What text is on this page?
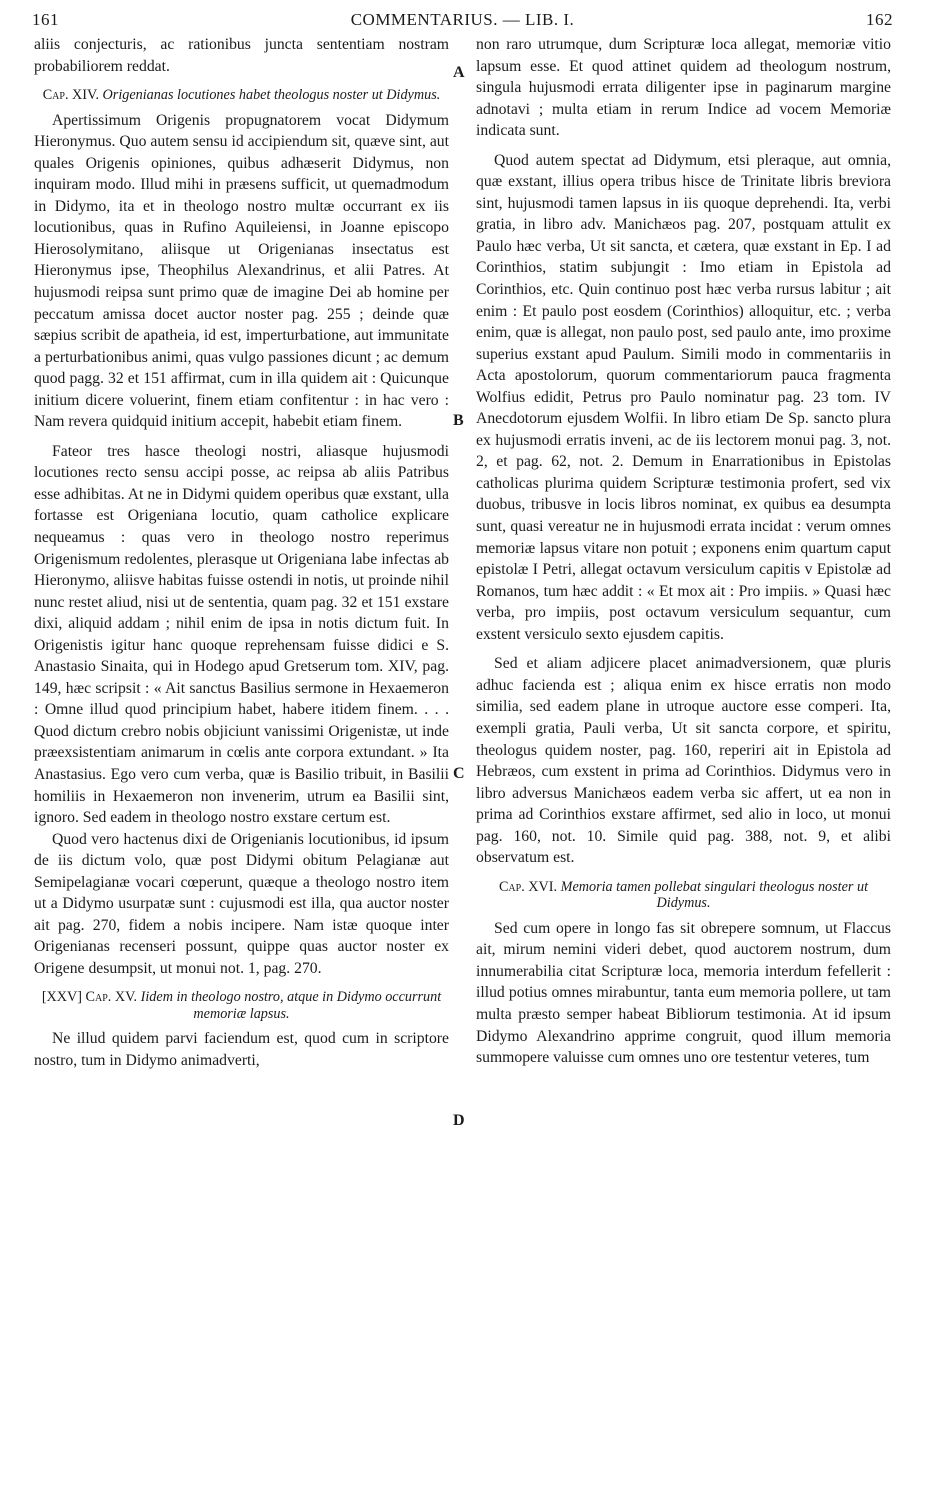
161	COMMENTARIUS. — LIB. I.	162
A
B
C
D

aliis conjecturis, ac rationibus juncta sententiam nostram probabiliorem reddat.

Cap. XIV. Origenianas locutiones habet theologus noster ut Didymus.

Apertissimum Origenis propugnatorem vocat Didymum Hieronymus. Quo autem sensu id accipiendum sit, quæve sint, aut quales Origenis opiniones, quibus adhæserit Didymus, non inquiram modo. Illud mihi in præsens sufficit, ut quemadmodum in Didymo, ita et in theologo nostro multæ occurrant ex iis locutionibus, quas in Rufino Aquileiensi, in Joanne episcopo Hierosolymitano, aliisque ut Origenianas insectatus est Hieronymus ipse, Theophilus Alexandrinus, et alii Patres. At hujusmodi reipsa sunt primo quæ de imagine Dei ab homine per peccatum amissa docet auctor noster pag. 255 ; deinde quæ sæpius scribit de apatheia, id est, imperturbatione, aut immunitate a perturbationibus animi, quas vulgo passiones dicunt ; ac demum quod pagg. 32 et 151 affirmat, cum in illa quidem ait : Quicunque initium dicere voluerint, finem etiam confitentur : in hac vero : Nam revera quidquid initium accepit, habebit etiam finem.

Fateor tres hasce theologi nostri, aliasque hujusmodi locutiones recto sensu accipi posse, ac reipsa ab aliis Patribus esse adhibitas. At ne in Didymi quidem operibus quæ exstant, ulla fortasse est Origeniana locutio, quam catholice explicare nequeamus : quas vero in theologo nostro reperimus Origenismum redolentes, plerasque ut Origeniana labe infectas ab Hieronymo, aliisve habitas fuisse ostendi in notis, ut proinde nihil nunc restet aliud, nisi ut de sententia, quam pag. 32 et 151 exstare dixi, aliquid addam ; nihil enim de ipsa in notis dictum fuit. In Origenistis igitur hanc quoque reprehensam fuisse didici e S. Anastasio Sinaita, qui in Hodego apud Gretserum tom. XIV, pag. 149, hæc scripsit : « Ait sanctus Basilius sermone in Hexaemeron : Omne illud quod principium habet, habere itidem finem. . . . Quod dictum crebro nobis objiciunt vanissimi Origenistæ, ut inde præexsistentiam animarum in cœlis ante corpora extundant. » Ita Anastasius. Ego vero cum verba, quæ is Basilio tribuit, in Basilii homiliis in Hexaemeron non invenerim, utrum ea Basilii sint, ignoro. Sed eadem in theologo nostro exstare certum est.

Quod vero hactenus dixi de Origenianis locutionibus, id ipsum de iis dictum volo, quæ post Didymi obitum Pelagianæ aut Semipelagianæ vocari cœperunt, quæque a theologo nostro item ut a Didymo usurpatæ sunt : cujusmodi est illa, qua auctor noster ait pag. 270, fidem a nobis incipere. Nam istæ quoque inter Origenianas recenseri possunt, quippe quas auctor noster ex Origene desumpsit, ut monui not. 1, pag. 270.

[XXV] Cap. XV. Iidem in theologo nostro, atque in Didymo occurrunt memoriæ lapsus.

Ne illud quidem parvi faciendum est, quod cum in scriptore nostro, tum in Didymo animadverti,

non raro utrumque, dum Scripturæ loca allegat, memoriæ vitio lapsum esse. Et quod attinet quidem ad theologum nostrum, singula hujusmodi errata diligenter ipse in paginarum margine adnotavi ; multa etiam in rerum Indice ad vocem Memoriæ indicata sunt.

Quod autem spectat ad Didymum, etsi pleraque, aut omnia, quæ exstant, illius opera tribus hisce de Trinitate libris breviora sint, hujusmodi tamen lapsus in iis quoque deprehendi. Ita, verbi gratia, in libro adv. Manichæos pag. 207, postquam attulit ex Paulo hæc verba, Ut sit sancta, et cætera, quæ exstant in Ep. I ad Corinthios, statim subjungit : Imo etiam in Epistola ad Corinthios, etc. Quin continuo post hæc verba rursus labitur ; ait enim : Et paulo post eosdem (Corinthios) alloquitur, etc. ; verba enim, quæ is allegat, non paulo post, sed paulo ante, imo proxime superius exstant apud Paulum. Simili modo in commentariis in Acta apostolorum, quorum commentariorum pauca fragmenta Wolfius edidit, Petrus pro Paulo nominatur pag. 23 tom. IV Anecdotorum ejusdem Wolfii. In libro etiam De Sp. sancto plura ex hujusmodi erratis inveni, ac de iis lectorem monui pag. 3, not. 2, et pag. 62, not. 2. Demum in Enarrationibus in Epistolas catholicas plurima quidem Scripturæ testimonia profert, sed vix duobus, tribusve in locis libros nominat, ex quibus ea desumpta sunt, quasi vereatur ne in hujusmodi errata incidat : verum omnes memoriæ lapsus vitare non potuit ; exponens enim quartum caput epistolæ I Petri, allegat octavum versiculum capitis v Epistolæ ad Romanos, tum hæc addit : « Et mox ait : Pro impiis. » Quasi hæc verba, pro impiis, post octavum versiculum sequantur, cum exstent versiculo sexto ejusdem capitis.

Sed et aliam adjicere placet animadversionem, quæ pluris adhuc facienda est ; aliqua enim ex hisce erratis non modo similia, sed eadem plane in utroque auctore esse comperi. Ita, exempli gratia, Pauli verba, Ut sit sancta corpore, et spiritu, theologus quidem noster, pag. 160, reperiri ait in Epistola ad Hebræos, cum exstent in prima ad Corinthios. Didymus vero in libro adversus Manichæos eadem verba sic affert, ut ea non in prima ad Corinthios exstare affirmet, sed alio in loco, ut monui pag. 160, not. 10. Simile quid pag. 388, not. 9, et alibi observatum est.

Cap. XVI. Memoria tamen pollebat singulari theologus noster ut Didymus.

Sed cum opere in longo fas sit obrepere somnum, ut Flaccus ait, mirum nemini videri debet, quod auctorem nostrum, dum innumerabilia citat Scripturæ loca, memoria interdum fefellerit : illud potius omnes mirabuntur, tanta eum memoria pollere, ut tam multa præsto semper habeat Bibliorum testimonia. At id ipsum Didymo Alexandrino apprime congruit, quod illum memoria summopere valuisse cum omnes uno ore testentur veteres, tum
